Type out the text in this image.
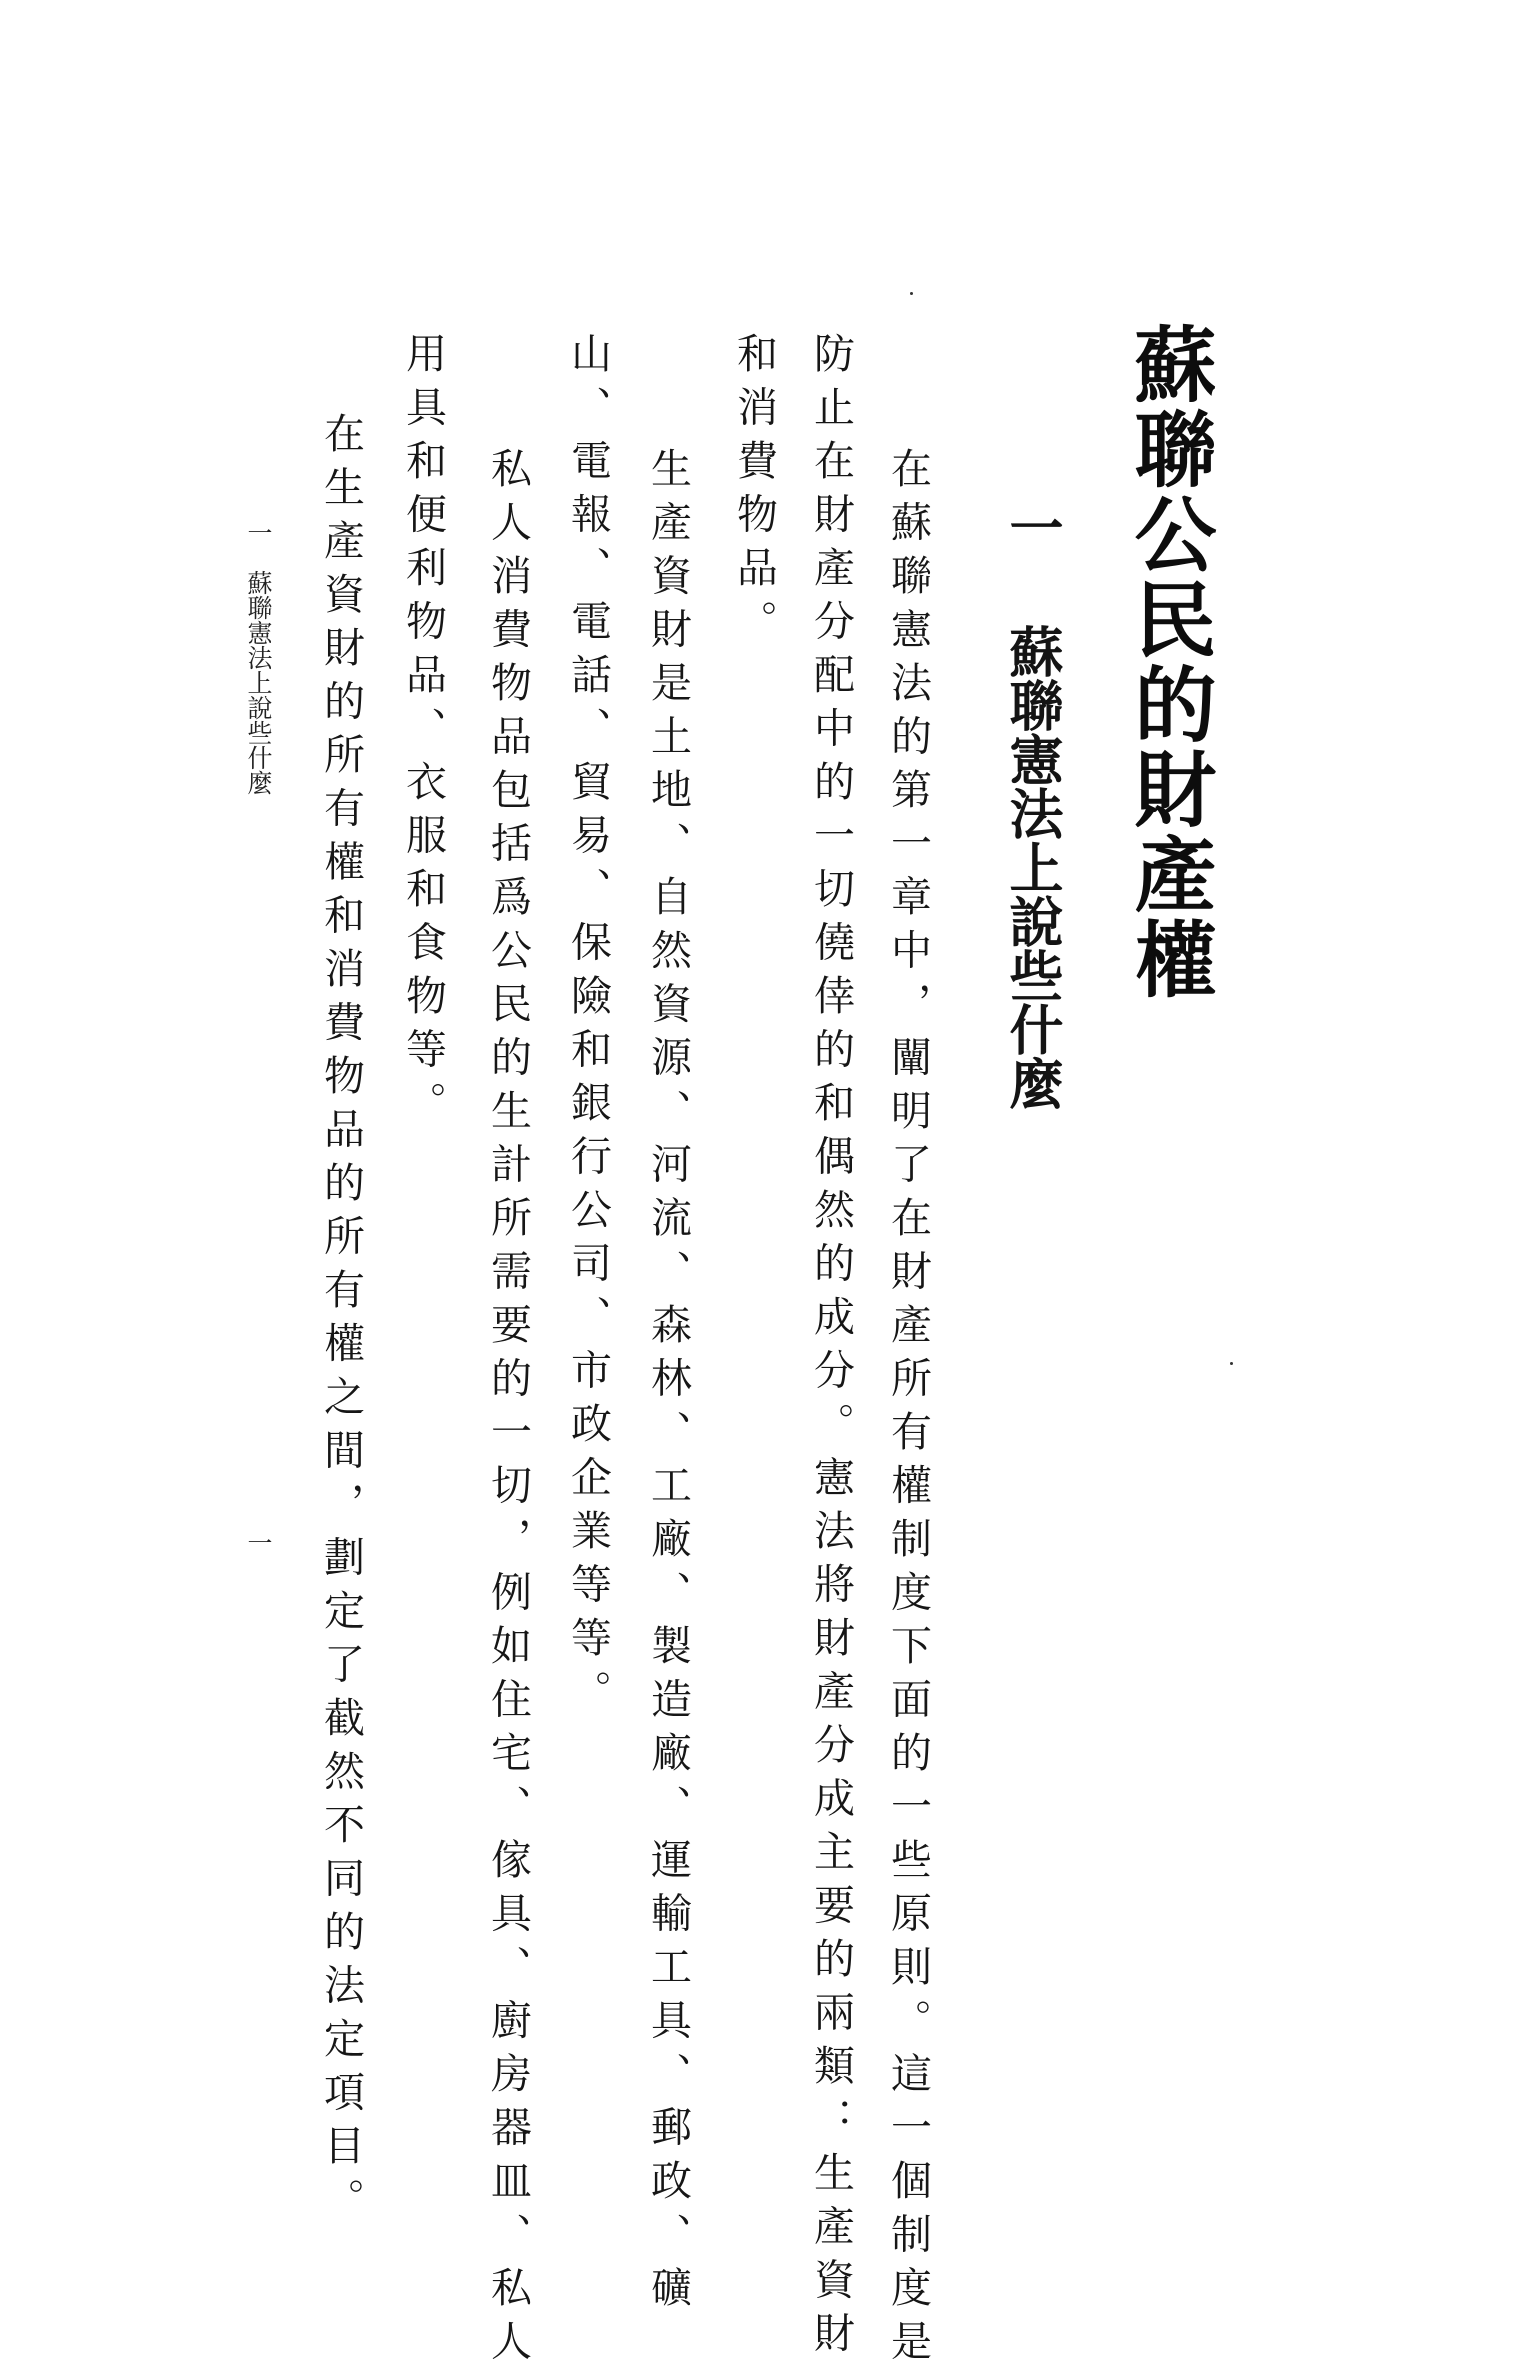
蘇聯公民的財產權
一蘇聯憲法上說些什麼

在蘇聯憲法的第一章中，闡明了在財產所有權制度下面的一些原則。這一個制度是

防止在財產分配中的一切僥倖的和偶然的成分。憲法將財產分成主要的兩類：生產資財

和消費物品。

生產資財是土地、自然資源、河流、森林、工廠、製造廠、運輸工具、郵政、礦

山、電報、電話、貿易、保險和銀行公司、市政企業等等。

私人消費物品包括爲公民的生計所需要的一切，例如住宅、傢具、廚房器皿、私人

用具和便利物品、衣服和食物等。

在生產資財的所有權和消費物品的所有權之間，劃定了截然不同的法定項目。

一　蘇聯憲法上說些什麼
一
